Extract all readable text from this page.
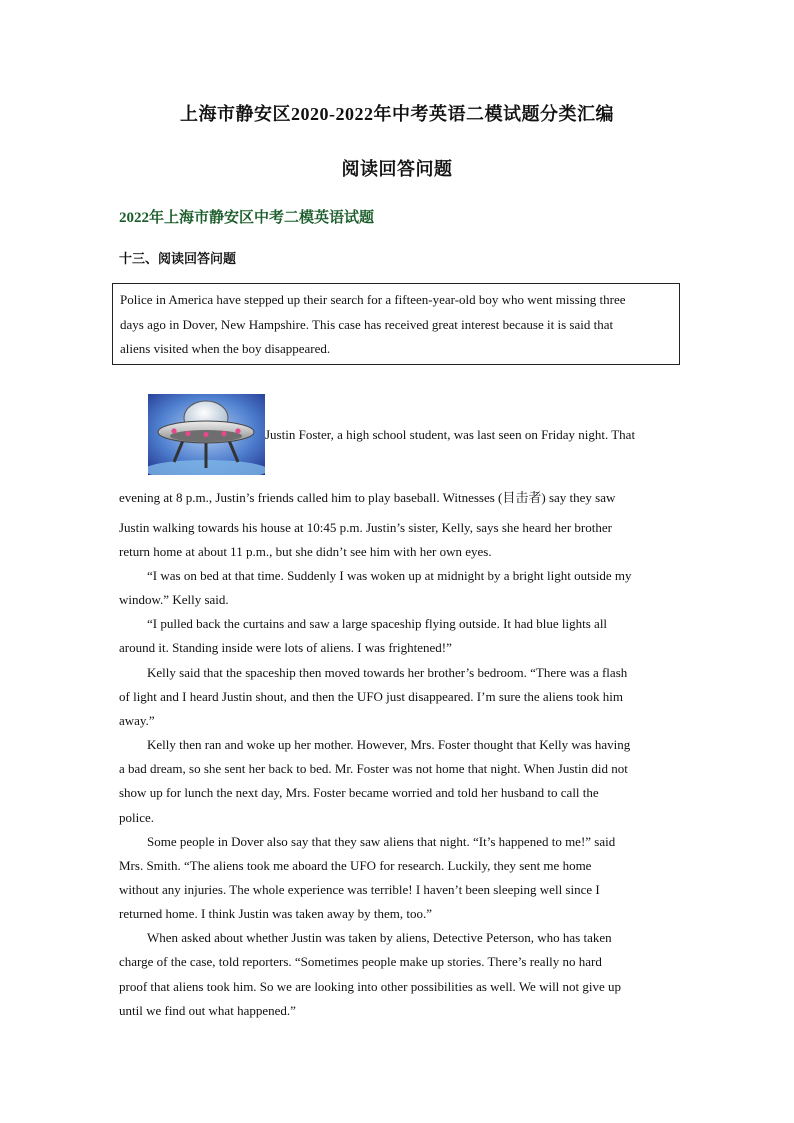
上海市静安区2020-2022年中考英语二模试题分类汇编
阅读回答问题
2022年上海市静安区中考二模英语试题
十三、阅读回答问题
Police in America have stepped up their search for a fifteen-year-old boy who went missing three
days ago in Dover, New Hampshire. This case has received great interest because it is said that
aliens visited when the boy disappeared.
Justin Foster, a high school student, was last seen on Friday night. That
evening at 8 p.m., Justin’s friends called him to play baseball. Witnesses (目击者) say they saw
Justin walking towards his house at 10:45 p.m. Justin’s sister, Kelly, says she heard her brother
return home at about 11 p.m., but she didn’t see him with her own eyes.
“I was on bed at that time. Suddenly I was woken up at midnight by a bright light outside my
window.” Kelly said.
“I pulled back the curtains and saw a large spaceship flying outside. It had blue lights all
around it. Standing inside were lots of aliens. I was frightened!”
Kelly said that the spaceship then moved towards her brother’s bedroom. “There was a flash
of light and I heard Justin shout, and then the UFO just disappeared. I’m sure the aliens took him
away.”
Kelly then ran and woke up her mother. However, Mrs. Foster thought that Kelly was having
a bad dream, so she sent her back to bed. Mr. Foster was not home that night. When Justin did not
show up for lunch the next day, Mrs. Foster became worried and told her husband to call the
police.
Some people in Dover also say that they saw aliens that night. “It’s happened to me!” said
Mrs. Smith. “The aliens took me aboard the UFO for research. Luckily, they sent me home
without any injuries. The whole experience was terrible! I haven’t been sleeping well since I
returned home. I think Justin was taken away by them, too.”
When asked about whether Justin was taken by aliens, Detective Peterson, who has taken
charge of the case, told reporters. “Sometimes people make up stories. There’s really no hard
proof that aliens took him. So we are looking into other possibilities as well. We will not give up
until we find out what happened.”
